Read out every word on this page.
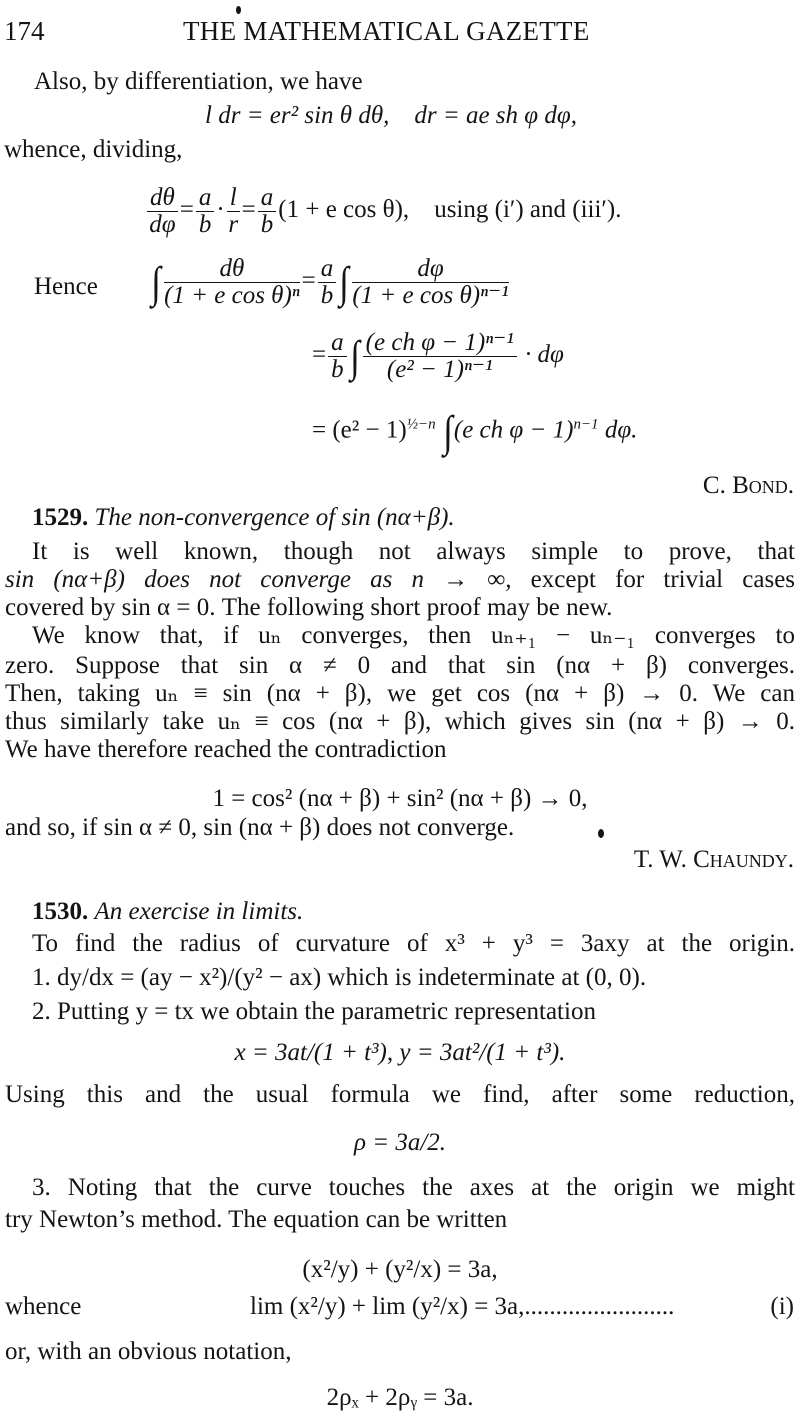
174	THE MATHEMATICAL GAZETTE
Also, by differentiation, we have
l dr = er² sin θ dθ, dr = ae sh φ dφ,
whence, dividing,
$\frac{d\theta}{d\varphi} = \frac{a}{b} \cdot \frac{l}{r} = \frac{a}{b} (1 + e$ cos θ), using (i′) and (iii′).
Hence ∫ $\frac{d\theta}{\text{(1 + e cos θ)ⁿ}} = \frac{a}{b}$ ∫ $\frac{d\varphi}{\text{(1 + e cos θ)ⁿ⁻¹}}$
= $\frac{a}{b}$ ∫ $\frac{\text{(e ch φ − 1)ⁿ⁻¹}}{\text{(e² − 1)ⁿ⁻¹}} \cdot d\varphi$
= $(e^2 - 1)^{\frac{1}{2}-n}$ ∫(e ch φ − 1)$^{n-1}$ dφ.
C. Bond.
1529. The non-convergence of sin (nα+β).
It is well known, though not always simple to prove, that
sin (nα+β) does not converge as n → ∞, except for trivial cases
covered by sin α = 0. The following short proof may be new.
We know that, if uₙ converges, then uₙ₊₁ − uₙ₋₁ converges to
zero. Suppose that sin α ≠ 0 and that sin (nα + β) converges.
Then, taking uₙ ≡ sin (nα + β), we get cos (nα + β) → 0. We can
thus similarly take uₙ ≡ cos (nα + β), which gives sin (nα + β) → 0.
We have therefore reached the contradiction
1 = cos² (nα + β) + sin² (nα + β) → 0,
and so, if sin α ≠ 0, sin (nα + β) does not converge.
T. W. Chaundy.
1530. An exercise in limits.
To find the radius of curvature of x³ + y³ = 3axy at the origin.
1. dy/dx = (ay − x²)/(y² − ax) which is indeterminate at (0, 0).
2. Putting y = tx we obtain the parametric representation
x = 3at/(1 + t³), y = 3at²/(1 + t³).
Using this and the usual formula we find, after some reduction,
ρ = 3a/2.
3. Noting that the curve touches the axes at the origin we might
try Newton’s method. The equation can be written
(x²/y) + (y²/x) = 3a,
whence	lim (x²/y) + lim (y²/x) = 3a,........................	(i)
or, with an obvious notation,
2ρₓ + 2ρᵧ = 3a.
